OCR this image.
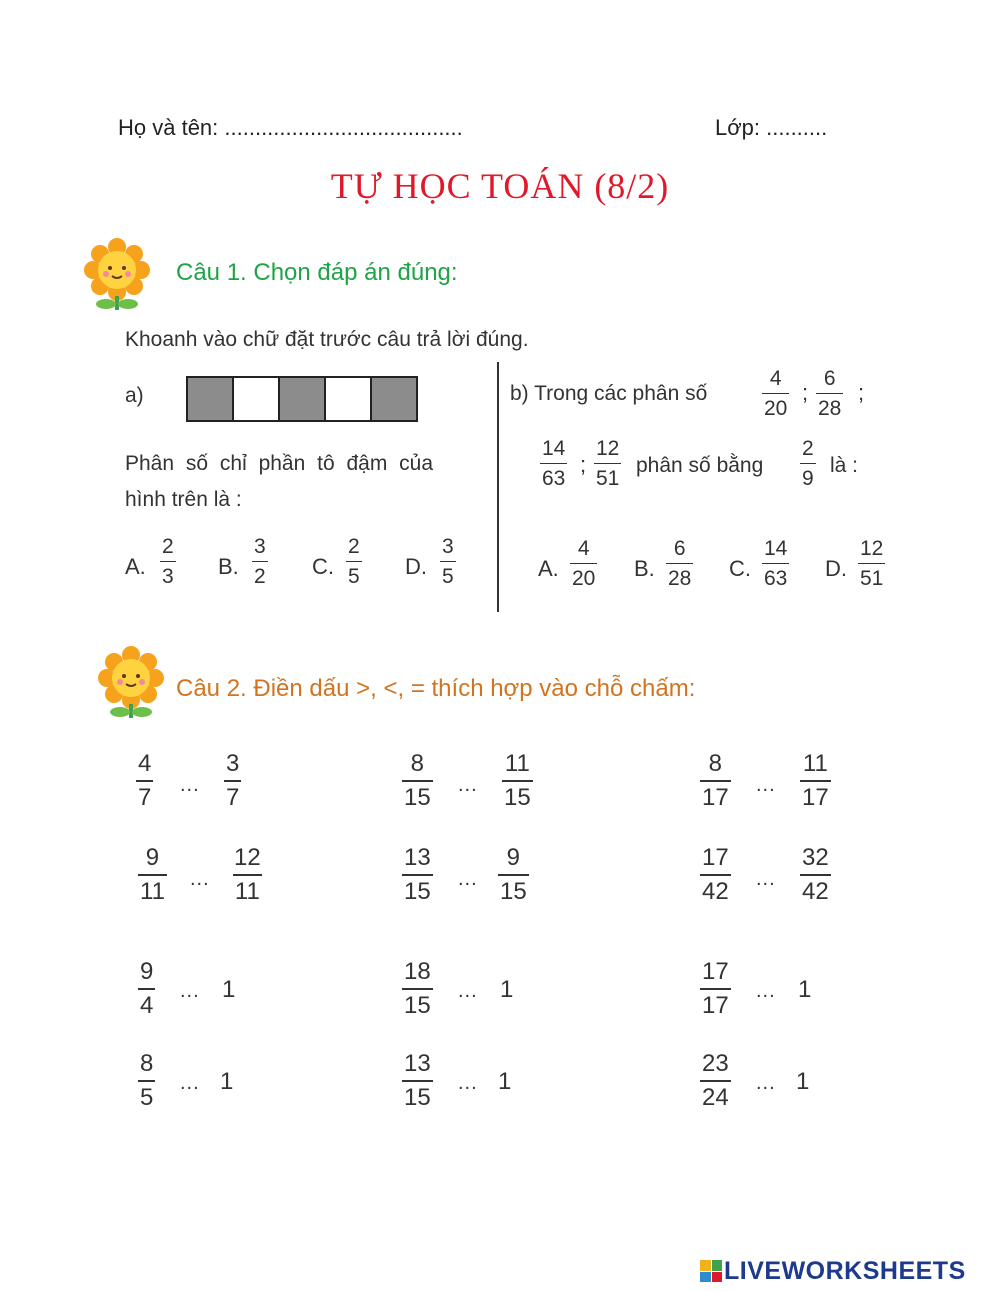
Họ và tên: .......................................	Lớp: ..........
TỰ HỌC TOÁN (8/2)
Câu 1. Chọn đáp án đúng:
Khoanh vào chữ đặt trước câu trả lời đúng.
a)
Phân số chỉ phần tô đậm của
hình trên là :
A. $\frac{2}{3} B$. $\frac{3}{2} C$. $\frac{2}{5} D$. $\frac{3}{5}$
b) Trong các phân số	$\frac{4}{20}$ ; $\frac{6}{28}$ ;
$\frac{14}{63}$ ; $\frac{12}{51}$ phân số bằng $\frac{2}{9}$ là :
A. $\frac{4}{20} B$. $\frac{6}{28} C$. $\frac{14}{63} D$. $\frac{12}{51}$
Câu 2. Điền dấu >, <, = thích hợp vào chỗ chấm:
$\frac{4}{7}$ ... $\frac{3}{7}$	$\frac{8}{15}$ ... $\frac{11}{15}$	$\frac{8}{17}$ ... $\frac{11}{17}$
$\frac{9}{11}$ ... $\frac{12}{11}$	$\frac{13}{15}$ ... $\frac{9}{15}$	$\frac{17}{42}$ ... $\frac{32}{42}$
$\frac{9}{4}$ ... 1	$\frac{18}{15}$ ... 1	$\frac{17}{17}$ ... 1
$\frac{8}{5}$ ... 1	$\frac{13}{15}$ ... 1	$\frac{23}{24}$ ... 1
LIVEWORKSHEETS
